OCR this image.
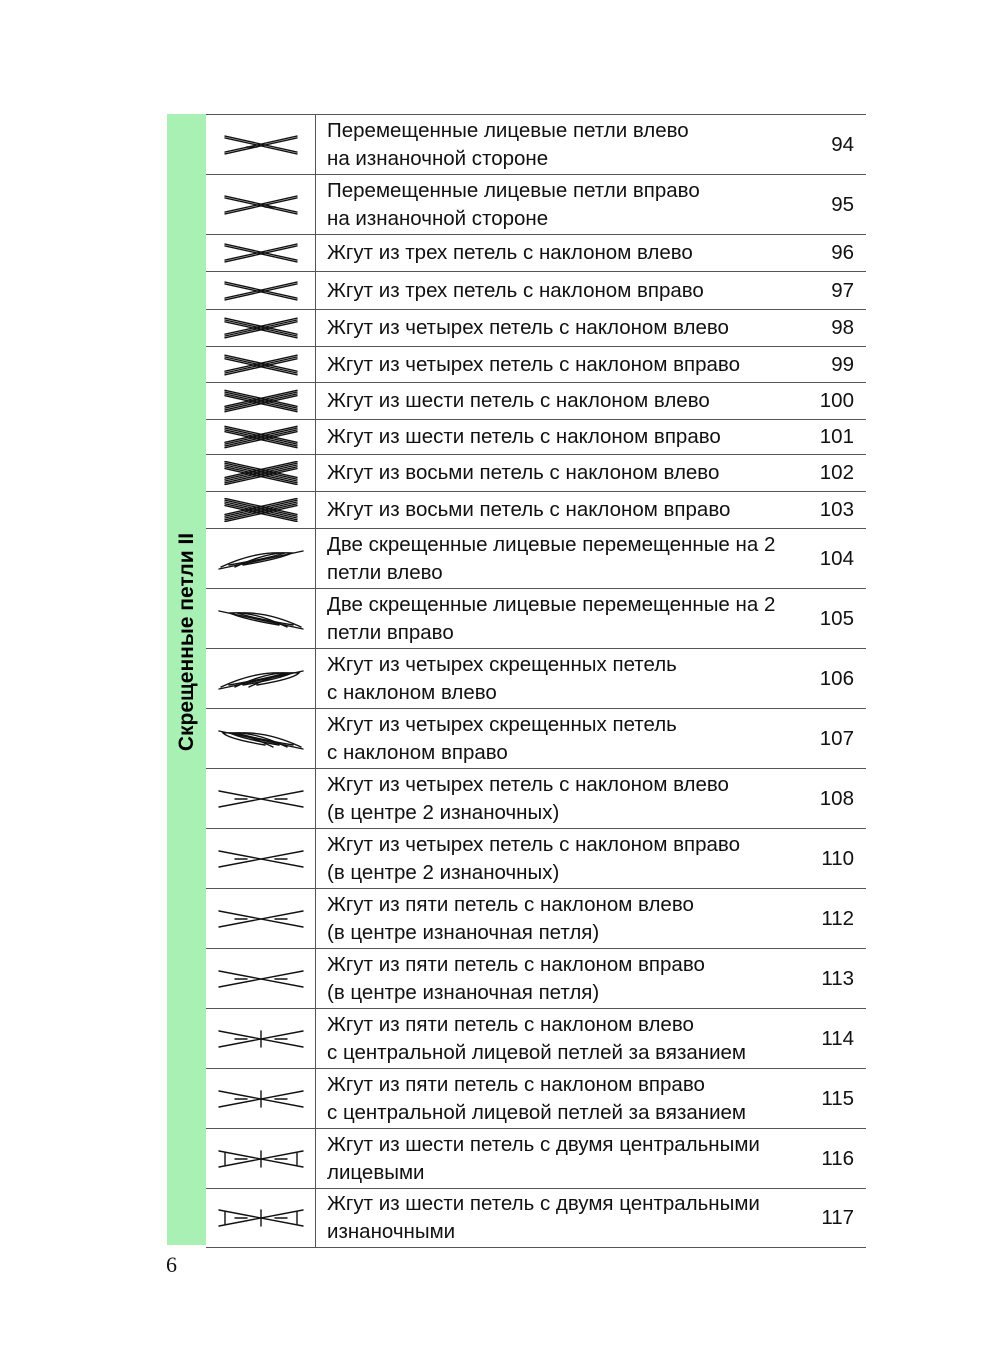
Скрещенные петли II
Перемещенные лицевые петли влево
на изнаночной стороне
94
Перемещенные лицевые петли вправо
на изнаночной стороне
95
Жгут из трех петель с наклоном влево	96
Жгут из трех петель с наклоном вправо	97
Жгут из четырех петель с наклоном влево	98
Жгут из четырех петель с наклоном вправо	99
Жгут из шести петель с наклоном влево	100
Жгут из шести петель с наклоном вправо	101
Жгут из восьми петель с наклоном влево	102
Жгут из восьми петель с наклоном вправо	103
Две скрещенные лицевые перемещенные на 2
петли влево
104
Две скрещенные лицевые перемещенные на 2
петли вправо
105
Жгут из четырех скрещенных петель
с наклоном влево
106
Жгут из четырех скрещенных петель
с наклоном вправо
107
Жгут из четырех петель с наклоном влево
(в центре 2 изнаночных)
108
Жгут из четырех петель с наклоном вправо
(в центре 2 изнаночных)
110
Жгут из пяти петель с наклоном влево
(в центре изнаночная петля)
112
Жгут из пяти петель с наклоном вправо
(в центре изнаночная петля)
113
Жгут из пяти петель с наклоном влево
с центральной лицевой петлей за вязанием
114
Жгут из пяти петель с наклоном вправо
с центральной лицевой петлей за вязанием
115
Жгут из шести петель с двумя центральными
лицевыми
116
Жгут из шести петель с двумя центральными
изнаночными
117
6
